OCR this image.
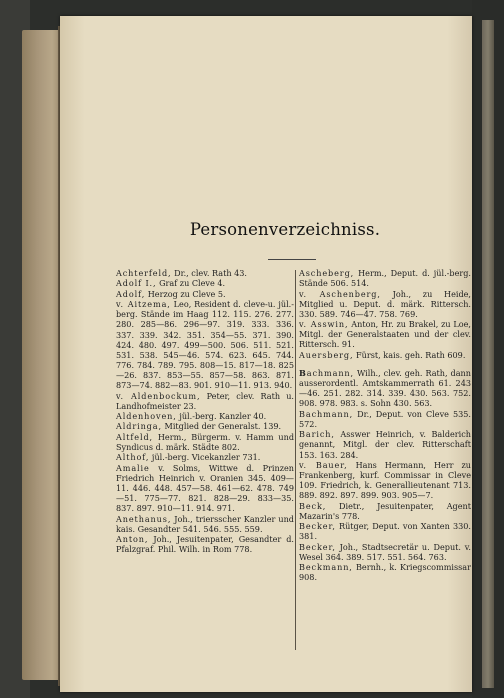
Personenverzeichniss.
Achterfeld, Dr., clev. Rath 43.
Adolf I., Graf zu Cleve 4.
Adolf, Herzog zu Cleve 5.
v. Aitzema, Leo, Resident d. cleve-u. jül.-berg. Stände im Haag 112. 115. 276. 277. 280. 285—86. 296—97. 319. 333. 336. 337. 339. 342. 351. 354—55. 371. 390. 424. 480. 497. 499—500. 506. 511. 521. 531. 538. 545—46. 574. 623. 645. 744. 776. 784. 789. 795. 808—15. 817—18. 825—26. 837. 853—55. 857—58. 863. 871. 873—74. 882—83. 901. 910—11. 913. 940.
v. Aldenbockum, Peter, clev. Rath u. Landhofmeister 23.
Aldenhoven, jül.-berg. Kanzler 40.
Aldringa, Mitglied der Generalst. 139.
Altfeld, Herm., Bürgerm. v. Hamm und Syndicus d. märk. Städte 802.
Althof, jül.-berg. Vicekanzler 731.
Amalie v. Solms, Wittwe d. Prinzen Friedrich Heinrich v. Oranien 345. 409—11. 446. 448. 457—58. 461—62. 478. 749—51. 775—77. 821. 828—29. 833—35. 837. 897. 910—11. 914. 971.
Anethanus, Joh., triersscher Kanzler und kais. Gesandter 541. 546. 555. 559.
Anton, Joh., Jesuitenpater, Gesandter d. Pfalzgraf. Phil. Wilh. in Rom 778.
Ascheberg, Herm., Deput. d. jül.-berg. Stände 506. 514.
v. Aschenberg, Joh., zu Heide, Mitglied u. Deput. d. märk. Rittersch. 330. 589. 746—47. 758. 769.
v. Asswin, Anton, Hr. zu Brakel, zu Loe, Mitgl. der Generalstaaten und der clev. Rittersch. 91.
Auersberg, Fürst, kais. geh. Rath 609.
Bachmann, Wilh., clev. geh. Rath, dann ausserordentl. Amtskammerrath 61. 243—46. 251. 282. 314. 339. 430. 563. 752. 908. 978. 983. s. Sohn 430. 563.
Bachmann, Dr., Deput. von Cleve 535. 572.
Barich, Asswer Heinrich, v. Balderich genannt, Mitgl. der clev. Ritterschaft 153. 163. 284.
v. Bauer, Hans Hermann, Herr zu Frankenberg, kurf. Commissar in Cleve 109. Friedrich, k. Generallieutenant 713. 889. 892. 897. 899. 903. 905—7.
Beck, Dietr., Jesuitenpater, Agent Mazarin's 778.
Becker, Rütger, Deput. von Xanten 330. 381.
Becker, Joh., Stadtsecretär u. Deput. v. Wesel 364. 389. 517. 551. 564. 763.
Beckmann, Bernh., k. Kriegscommissar 908.
